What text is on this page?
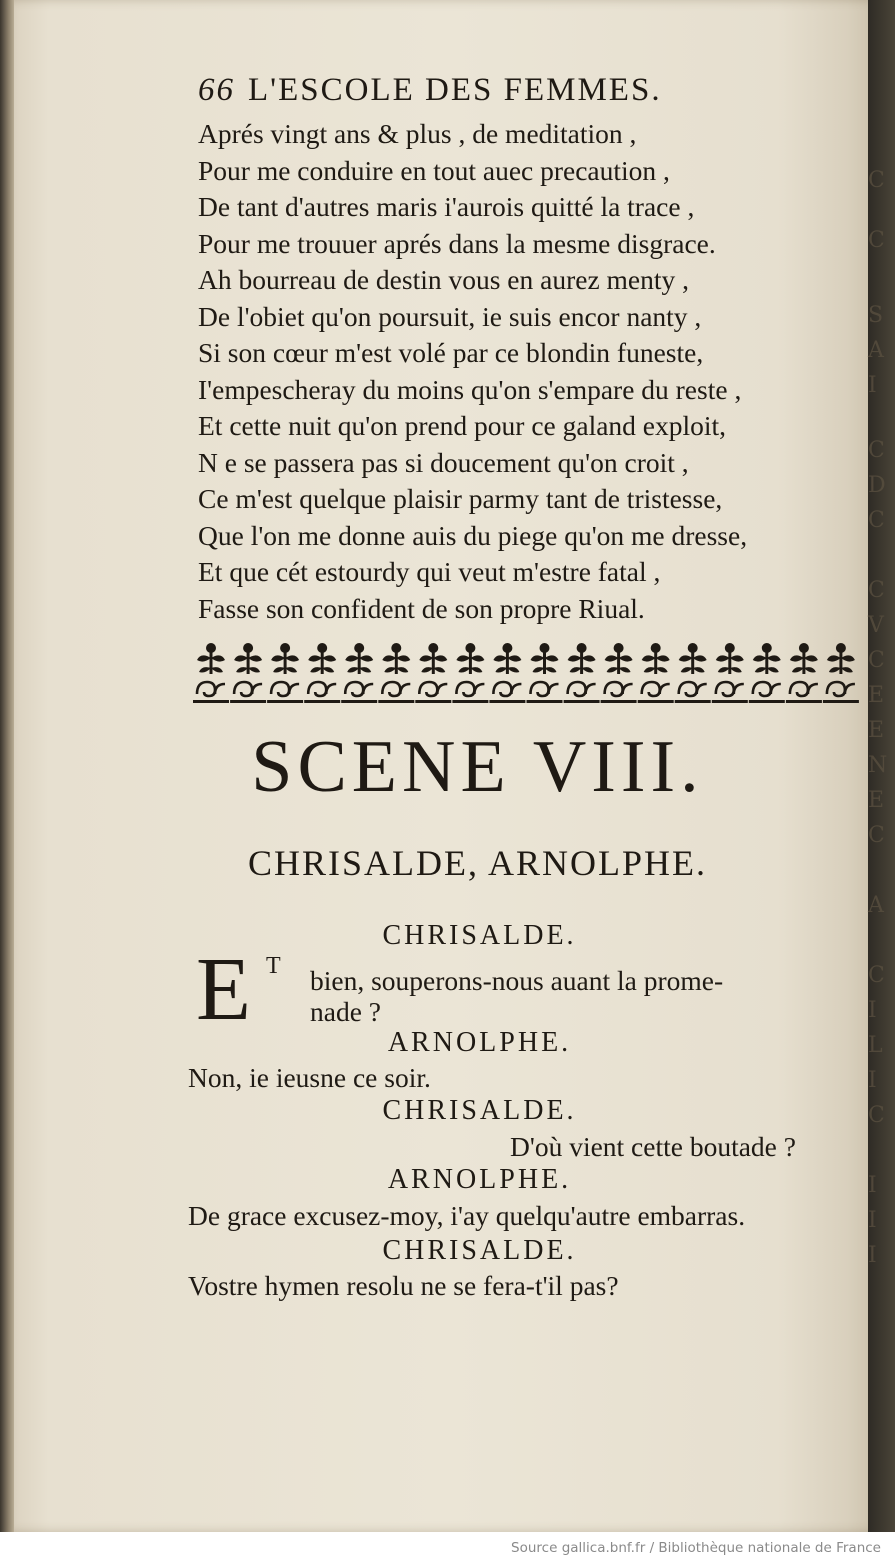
C
C
S
A
I
C
D
C
C
V
C
E
E
N
E
C
A
C
I
L
I
C
I
I
I
66 L'ESCOLE DES FEMMES.
Aprés vingt ans & plus , de meditation ,
Pour me conduire en tout auec precaution ,
De tant d'autres maris i'aurois quitté la trace ,
Pour me trouuer aprés dans la mesme disgrace.
Ah bourreau de destin vous en aurez menty ,
De l'obiet qu'on poursuit, ie suis encor nanty ,
Si son cœur m'est volé par ce blondin funeste,
I'empescheray du moins qu'on s'empare du reste ,
Et cette nuit qu'on prend pour ce galand exploit,
N e se passera pas si doucement qu'on croit ,
Ce m'est quelque plaisir parmy tant de tristesse,
Que l'on me donne auis du piege qu'on me dresse,
Et que cét estourdy qui veut m'estre fatal ,
Fasse son confident de son propre Riual.
SCENE VIII.
CHRISALDE, ARNOLPHE.
CHRISALDE.
E T bien, souperons-nous auant la prome-
nade ?
ARNOLPHE.
Non, ie ieusne ce soir.
CHRISALDE.
D'où vient cette boutade ?
ARNOLPHE.
De grace excusez-moy, i'ay quelqu'autre embarras.
CHRISALDE.
Vostre hymen resolu ne se fera-t'il pas?
Source gallica.bnf.fr / Bibliothèque nationale de France
